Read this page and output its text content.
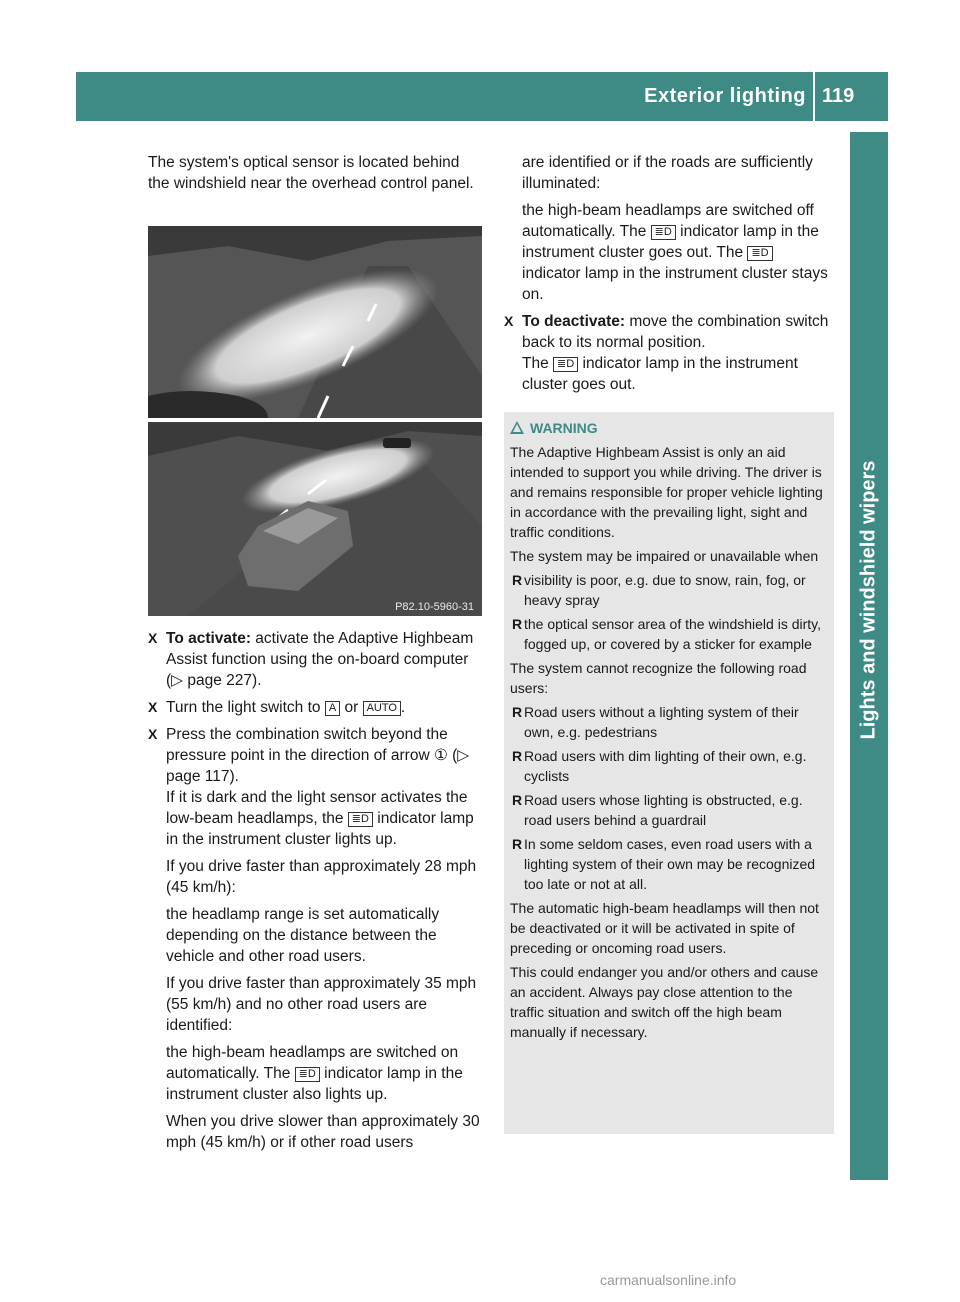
Exterior lighting 119
Lights and windshield wipers
P82.10-5960-31

The system's optical sensor is located behind the windshield near the overhead control panel.

X To activate: activate the Adaptive Highbeam Assist function using the on-board computer (▷ page 227).
X Turn the light switch to A or AUTO .
X Press the combination switch beyond the pressure point in the direction of arrow ① (▷ page 117).
If it is dark and the light sensor activates the low-beam headlamps, the ≣D indicator lamp in the instrument cluster lights up.

If you drive faster than approximately 28 mph (45 km/h):

the headlamp range is set automatically depending on the distance between the vehicle and other road users.

If you drive faster than approximately 35 mph (55 km/h) and no other road users are identified:

the high-beam headlamps are switched on automatically. The ≣D indicator lamp in the instrument cluster also lights up.

When you drive slower than approximately 30 mph (45 km/h) or if other road users

are identified or if the roads are sufficiently illuminated:

the high-beam headlamps are switched off automatically. The ≣D indicator lamp in the instrument cluster goes out. The ≣D indicator lamp in the instrument cluster stays on.
X To deactivate: move the combination switch back to its normal position.
The ≣D indicator lamp in the instrument cluster goes out.
WARNING

The Adaptive Highbeam Assist is only an aid intended to support you while driving. The driver is and remains responsible for proper vehicle lighting in accordance with the prevailing light, sight and traffic conditions.

The system may be impaired or unavailable when

R visibility is poor, e.g. due to snow, rain, fog, or heavy spray
R the optical sensor area of the windshield is dirty, fogged up, or covered by a sticker for example

The system cannot recognize the following road users:

R Road users without a lighting system of their own, e.g. pedestrians
R Road users with dim lighting of their own, e.g. cyclists
R Road users whose lighting is obstructed, e.g. road users behind a guardrail
R In some seldom cases, even road users with a lighting system of their own may be recognized too late or not at all.

The automatic high-beam headlamps will then not be deactivated or it will be activated in spite of preceding or oncoming road users.

This could endanger you and/or others and cause an accident. Always pay close attention to the traffic situation and switch off the high beam manually if necessary.

carmanualsonline.info
